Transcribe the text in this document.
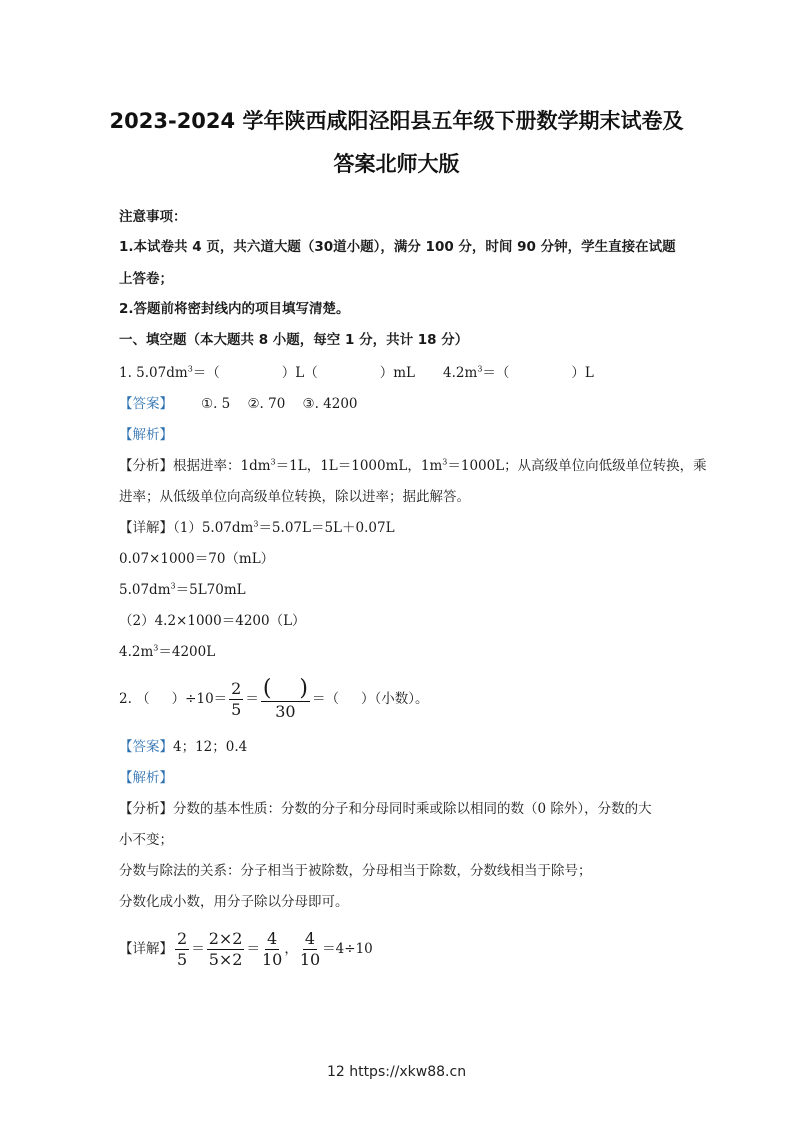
2023-2024 学年陕西咸阳泾阳县五年级下册数学期末试卷及
答案北师大版
注意事项：
1.本试卷共 4 页，共六道大题（30道小题），满分 100 分，时间 90 分钟，学生直接在试题
上答卷；
2.答题前将密封线内的项目填写清楚。
一、填空题（本大题共 8 小题，每空 1 分，共计 18 分）
1. $5.07dm^3=$（	）L（	）mL $4.2m^3=$（	）L
【答案】 ①. 5    ②. 70    ③. 4200
【解析】
【分析】根据进率：$1dm^3=1L$，1L＝1000mL，$1m^3=1000L$；从高级单位向低级单位转换，乘
进率；从低级单位向高级单位转换，除以进率；据此解答。
【详解】$(1)5.07dm^3=5.07L=5L+0.07L$
0.07×1000＝70（mL）
$5.07dm^3=5L70mL$
（2）4.2×1000＝4200（L）
$4.2m^3=4200L$
2. （ ）$\div 10= \frac{2}{5} = \frac{( )}{30}$ ＝（ ）（小数）。
【答案】4；12；0.4
【解析】
【分析】分数的基本性质：分数的分子和分母同时乘或除以相同的数（0 除外），分数的大
小不变；
分数与除法的关系：分子相当于被除数，分母相当于除数，分数线相当于除号；
分数化成小数，用分子除以分母即可。
【详解】 $\frac{2}{5} = \frac{2\times 2}{5\times 2} = \frac{4}{10}$ ， $\frac{4}{10} =4\div 10$
12 https://xkw88.cn
